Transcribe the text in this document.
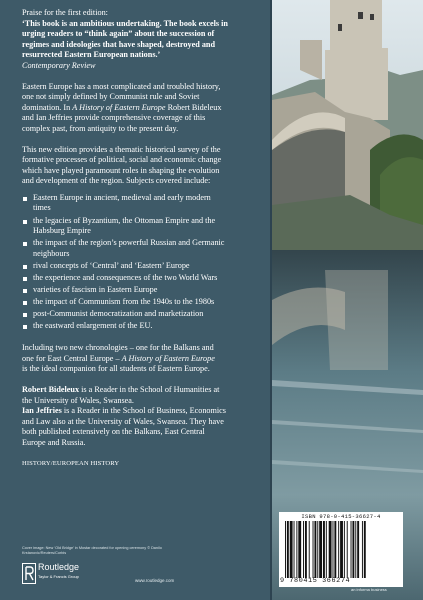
Praise for the first edition:

‘This book is an ambitious undertaking. The book excels in
urging readers to “think again” about the succession of
regimes and ideologies that have shaped, destroyed and
resurrected Eastern European nations.’

Contemporary Review

Eastern Europe has a most complicated and troubled history,
one not simply defined by Communist rule and Soviet
domination. In A History of Eastern Europe Robert Bideleux
and Ian Jeffries provide comprehensive coverage of this
complex past, from antiquity to the present day.

This new edition provides a thematic historical survey of the
formative processes of political, social and economic change
which have played paramount roles in shaping the evolution
and development of the region. Subjects covered include:

Eastern Europe in ancient, medieval and early modern
times
the legacies of Byzantium, the Ottoman Empire and the
Habsburg Empire
the impact of the region’s powerful Russian and Germanic
neighbours
rival concepts of ‘Central’ and ‘Eastern’ Europe
the experience and consequences of the two World Wars
varieties of fascism in Eastern Europe
the impact of Communism from the 1940s to the 1980s
post-Communist democratization and marketization
the eastward enlargement of the EU.

Including two new chronologies – one for the Balkans and
one for East Central Europe – A History of Eastern Europe
is the ideal companion for all students of Eastern Europe.

Robert Bideleux is a Reader in the School of Humanities at
the University of Wales, Swansea.
Ian Jeffries is a Reader in the School of Business, Economics
and Law also at the University of Wales, Swansea. They have
both published extensively on the Balkans, East Central
Europe and Russia.

HISTORY/EUROPEAN HISTORY

Cover image: New ‘Old Bridge’ in Mostar decorated for opening ceremony © Danilo Krstanovic/Reuters/Corbis
Routledge
Taylor & Francis Group
www.routledge.com
ISBN 978-0-415-36627-4
9 780415 366274
an informa business
